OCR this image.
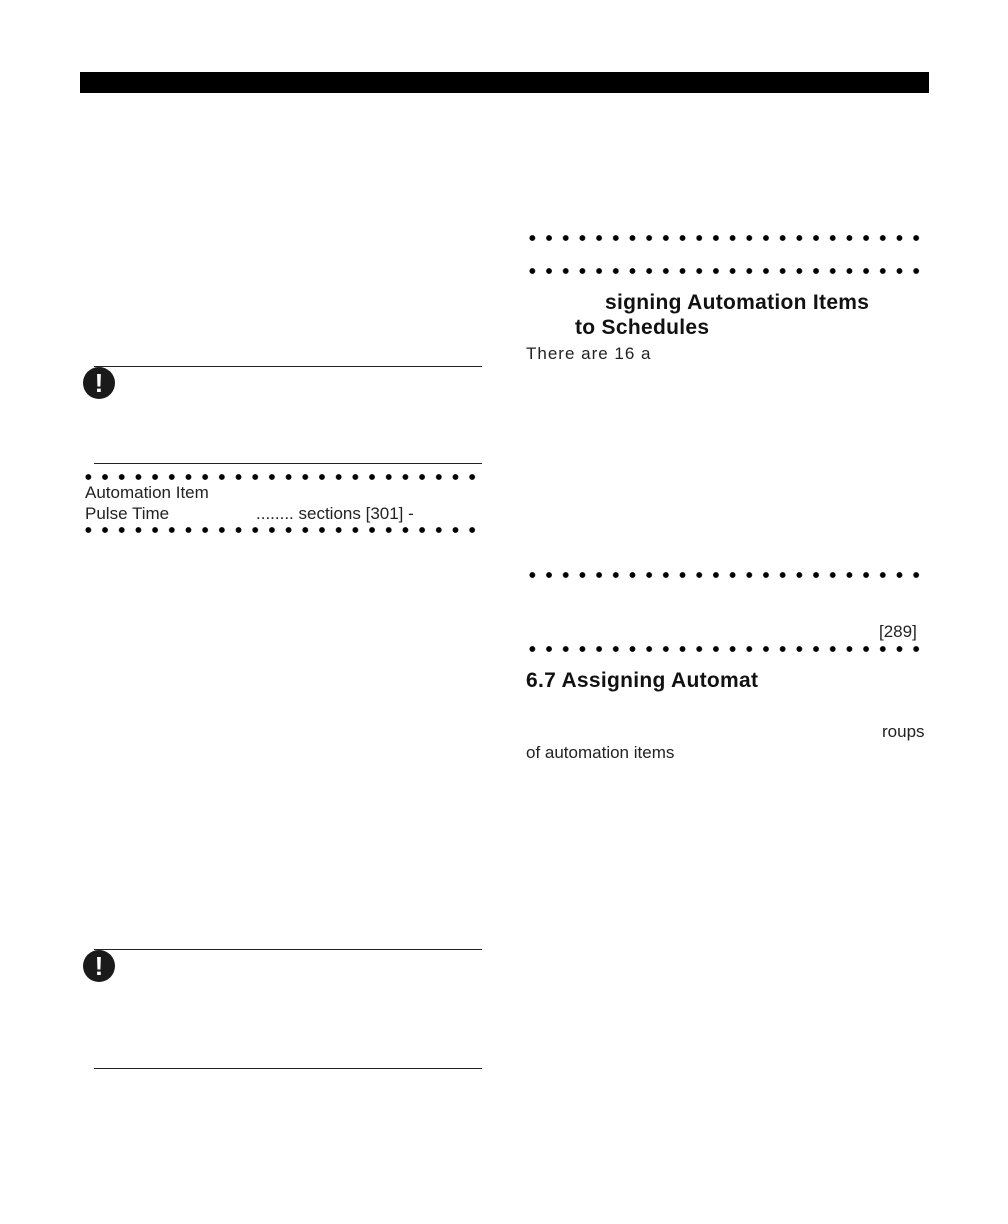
!
Automation Item
Pulse Time	........ sections [301] -
!
signing Automation Items
to Schedules
There are 16 a
[289]
6.7 Assigning Automat
roups
of automation items
